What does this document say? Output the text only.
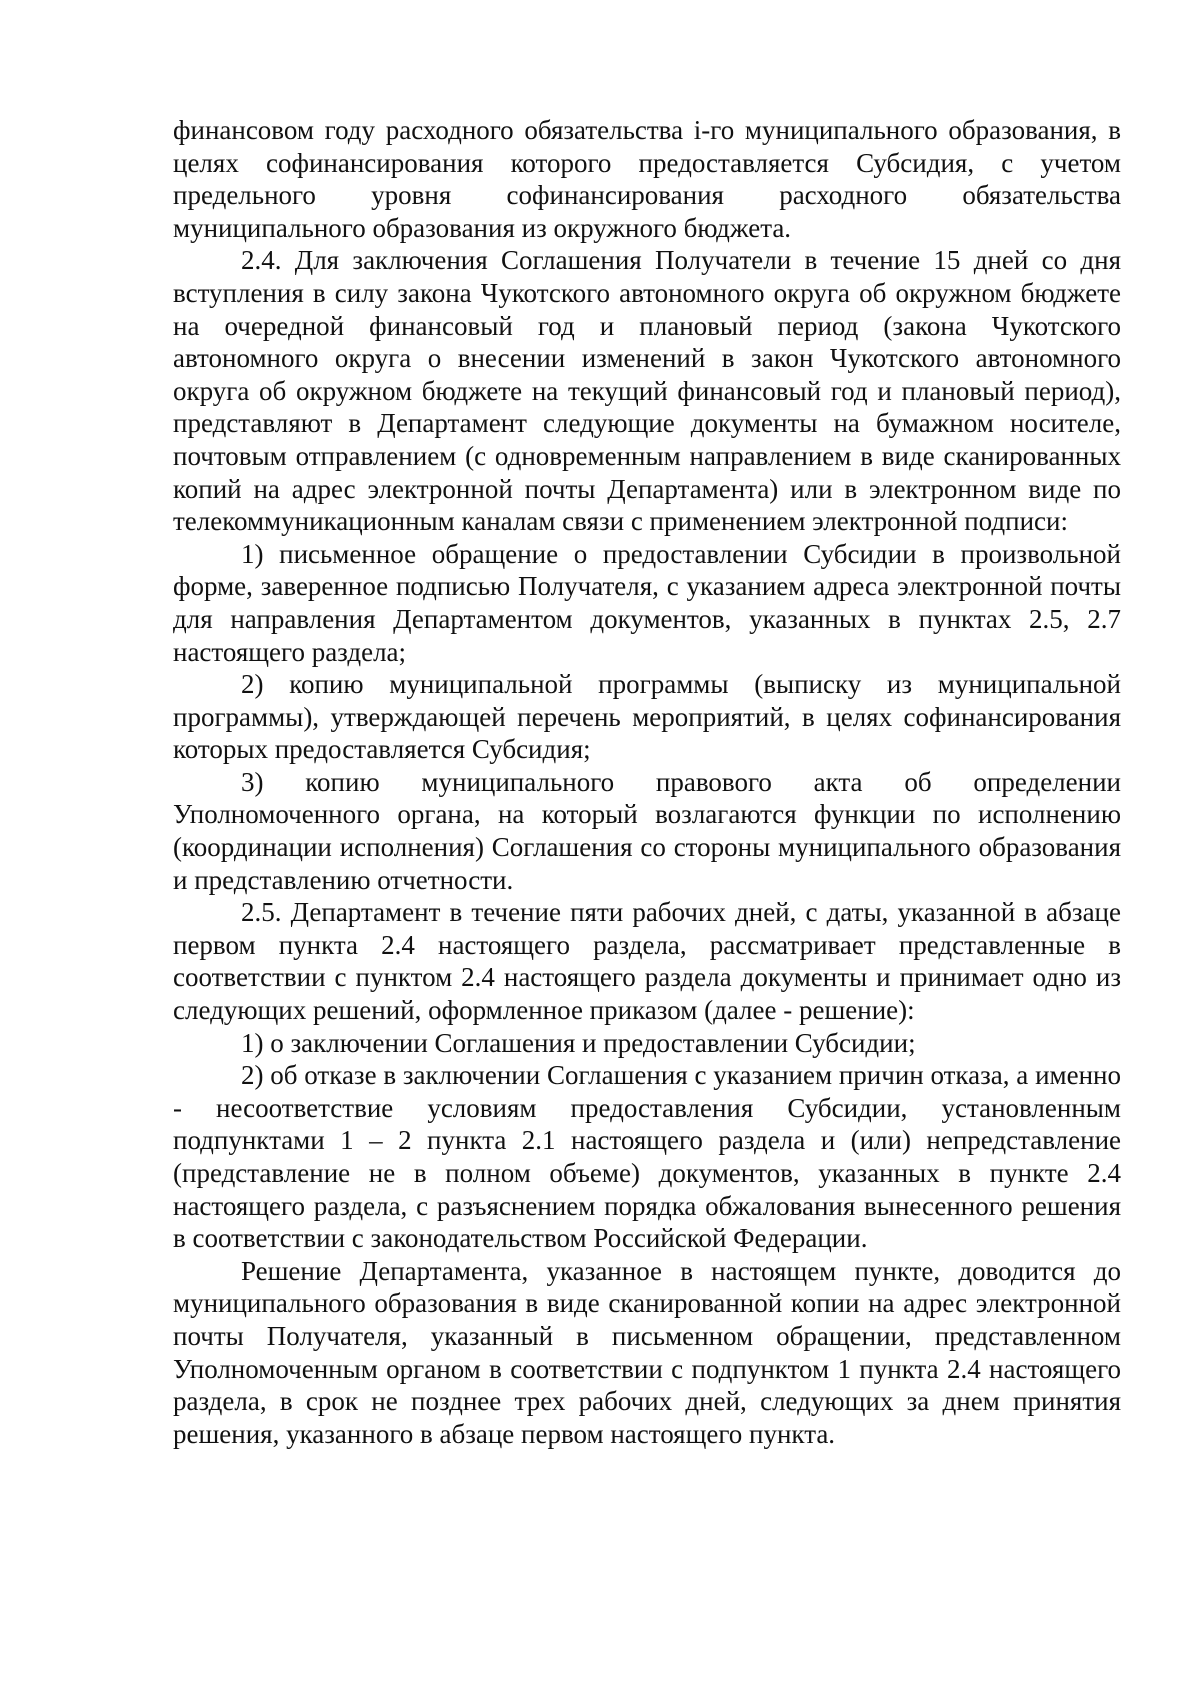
финансовом году расходного обязательства i-го муниципального образования, в целях софинансирования которого предоставляется Субсидия, с учетом предельного уровня софинансирования расходного обязательства муниципального образования из окружного бюджета.

2.4. Для заключения Соглашения Получатели в течение 15 дней со дня вступления в силу закона Чукотского автономного округа об окружном бюджете на очередной финансовый год и плановый период (закона Чукотского автономного округа о внесении изменений в закон Чукотского автономного округа об окружном бюджете на текущий финансовый год и плановый период), представляют в Департамент следующие документы на бумажном носителе, почтовым отправлением (с одновременным направлением в виде сканированных копий на адрес электронной почты Департамента) или в электронном виде по телекоммуникационным каналам связи с применением электронной подписи:

1) письменное обращение о предоставлении Субсидии в произвольной форме, заверенное подписью Получателя, с указанием адреса электронной почты для направления Департаментом документов, указанных в пунктах 2.5, 2.7 настоящего раздела;

2) копию муниципальной программы (выписку из муниципальной программы), утверждающей перечень мероприятий, в целях софинансирования которых предоставляется Субсидия;

3) копию муниципального правового акта об определении Уполномоченного органа, на который возлагаются функции по исполнению (координации исполнения) Соглашения со стороны муниципального образования и представлению отчетности.

2.5. Департамент в течение пяти рабочих дней, с даты, указанной в абзаце первом пункта 2.4 настоящего раздела, рассматривает представленные в соответствии с пунктом 2.4 настоящего раздела документы и принимает одно из следующих решений, оформленное приказом (далее - решение):

1) о заключении Соглашения и предоставлении Субсидии;

2) об отказе в заключении Соглашения с указанием причин отказа, а именно - несоответствие условиям предоставления Субсидии, установленным подпунктами 1 – 2 пункта 2.1 настоящего раздела и (или) непредставление (представление не в полном объеме) документов, указанных в пункте 2.4 настоящего раздела, с разъяснением порядка обжалования вынесенного решения в соответствии с законодательством Российской Федерации.

Решение Департамента, указанное в настоящем пункте, доводится до муниципального образования в виде сканированной копии на адрес электронной почты Получателя, указанный в письменном обращении, представленном Уполномоченным органом в соответствии с подпунктом 1 пункта 2.4 настоящего раздела, в срок не позднее трех рабочих дней, следующих за днем принятия решения, указанного в абзаце первом настоящего пункта.
